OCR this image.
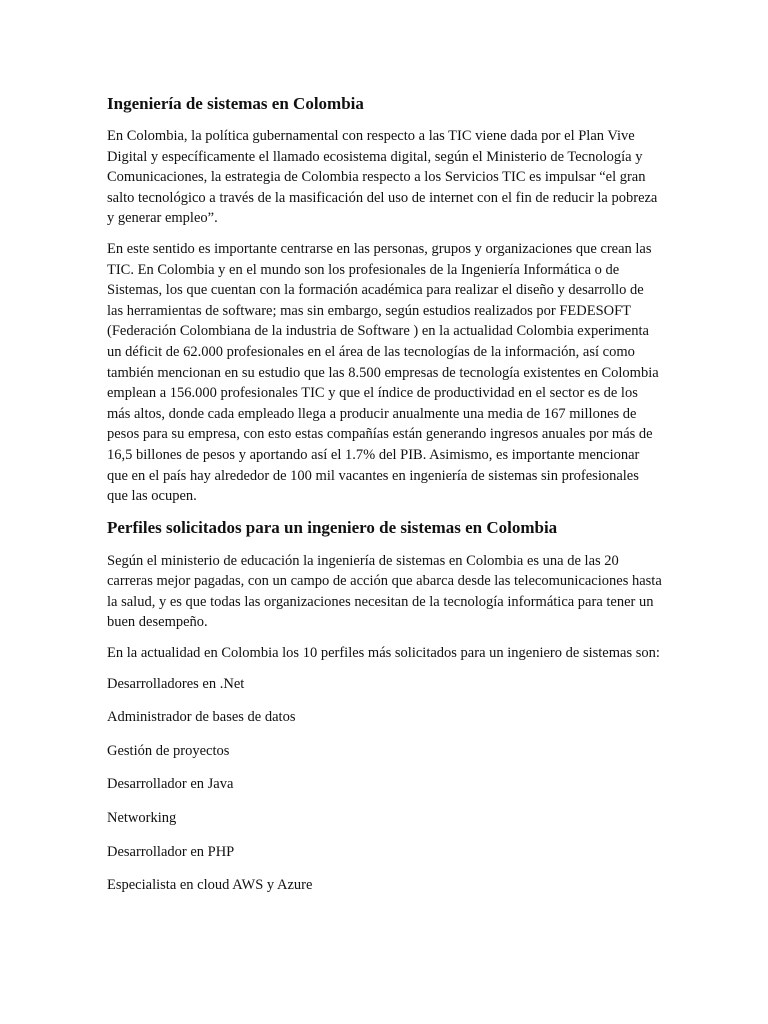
Ingeniería de sistemas en Colombia

En Colombia, la política gubernamental con respecto a las TIC viene dada por el Plan Vive Digital y específicamente el llamado ecosistema digital, según el Ministerio de Tecnología y Comunicaciones, la estrategia de Colombia respecto a los Servicios TIC es impulsar “el gran salto tecnológico a través de la masificación del uso de internet con el fin de reducir la pobreza y generar empleo”.

En este sentido es importante centrarse en las personas, grupos y organizaciones que crean las TIC. En Colombia y en el mundo son los profesionales de la Ingeniería Informática o de Sistemas, los que cuentan con la formación académica para realizar el diseño y desarrollo de las herramientas de software; mas sin embargo, según estudios realizados por FEDESOFT (Federación Colombiana de la industria de Software ) en la actualidad Colombia experimenta un déficit de 62.000 profesionales en el área de las tecnologías de la información, así como también mencionan en su estudio que las 8.500 empresas de tecnología existentes en Colombia emplean a 156.000 profesionales TIC y que el índice de productividad en el sector es de los más altos, donde cada empleado llega a producir anualmente una media de 167 millones de pesos para su empresa, con esto estas compañías están generando ingresos anuales por más de 16,5 billones de pesos y aportando así el 1.7% del PIB. Asimismo, es importante mencionar que en el país hay alrededor de 100 mil vacantes en ingeniería de sistemas sin profesionales que las ocupen.

Perfiles solicitados para un ingeniero de sistemas en Colombia

Según el ministerio de educación la ingeniería de sistemas en Colombia es una de las 20 carreras mejor pagadas, con un campo de acción que abarca desde las telecomunicaciones hasta la salud, y es que todas las organizaciones necesitan de la tecnología informática para tener un buen desempeño.

En la actualidad en Colombia los 10 perfiles más solicitados para un ingeniero de sistemas son:

Desarrolladores en .Net
Administrador de bases de datos
Gestión de proyectos
Desarrollador en Java
Networking
Desarrollador en PHP
Especialista en cloud AWS y Azure
